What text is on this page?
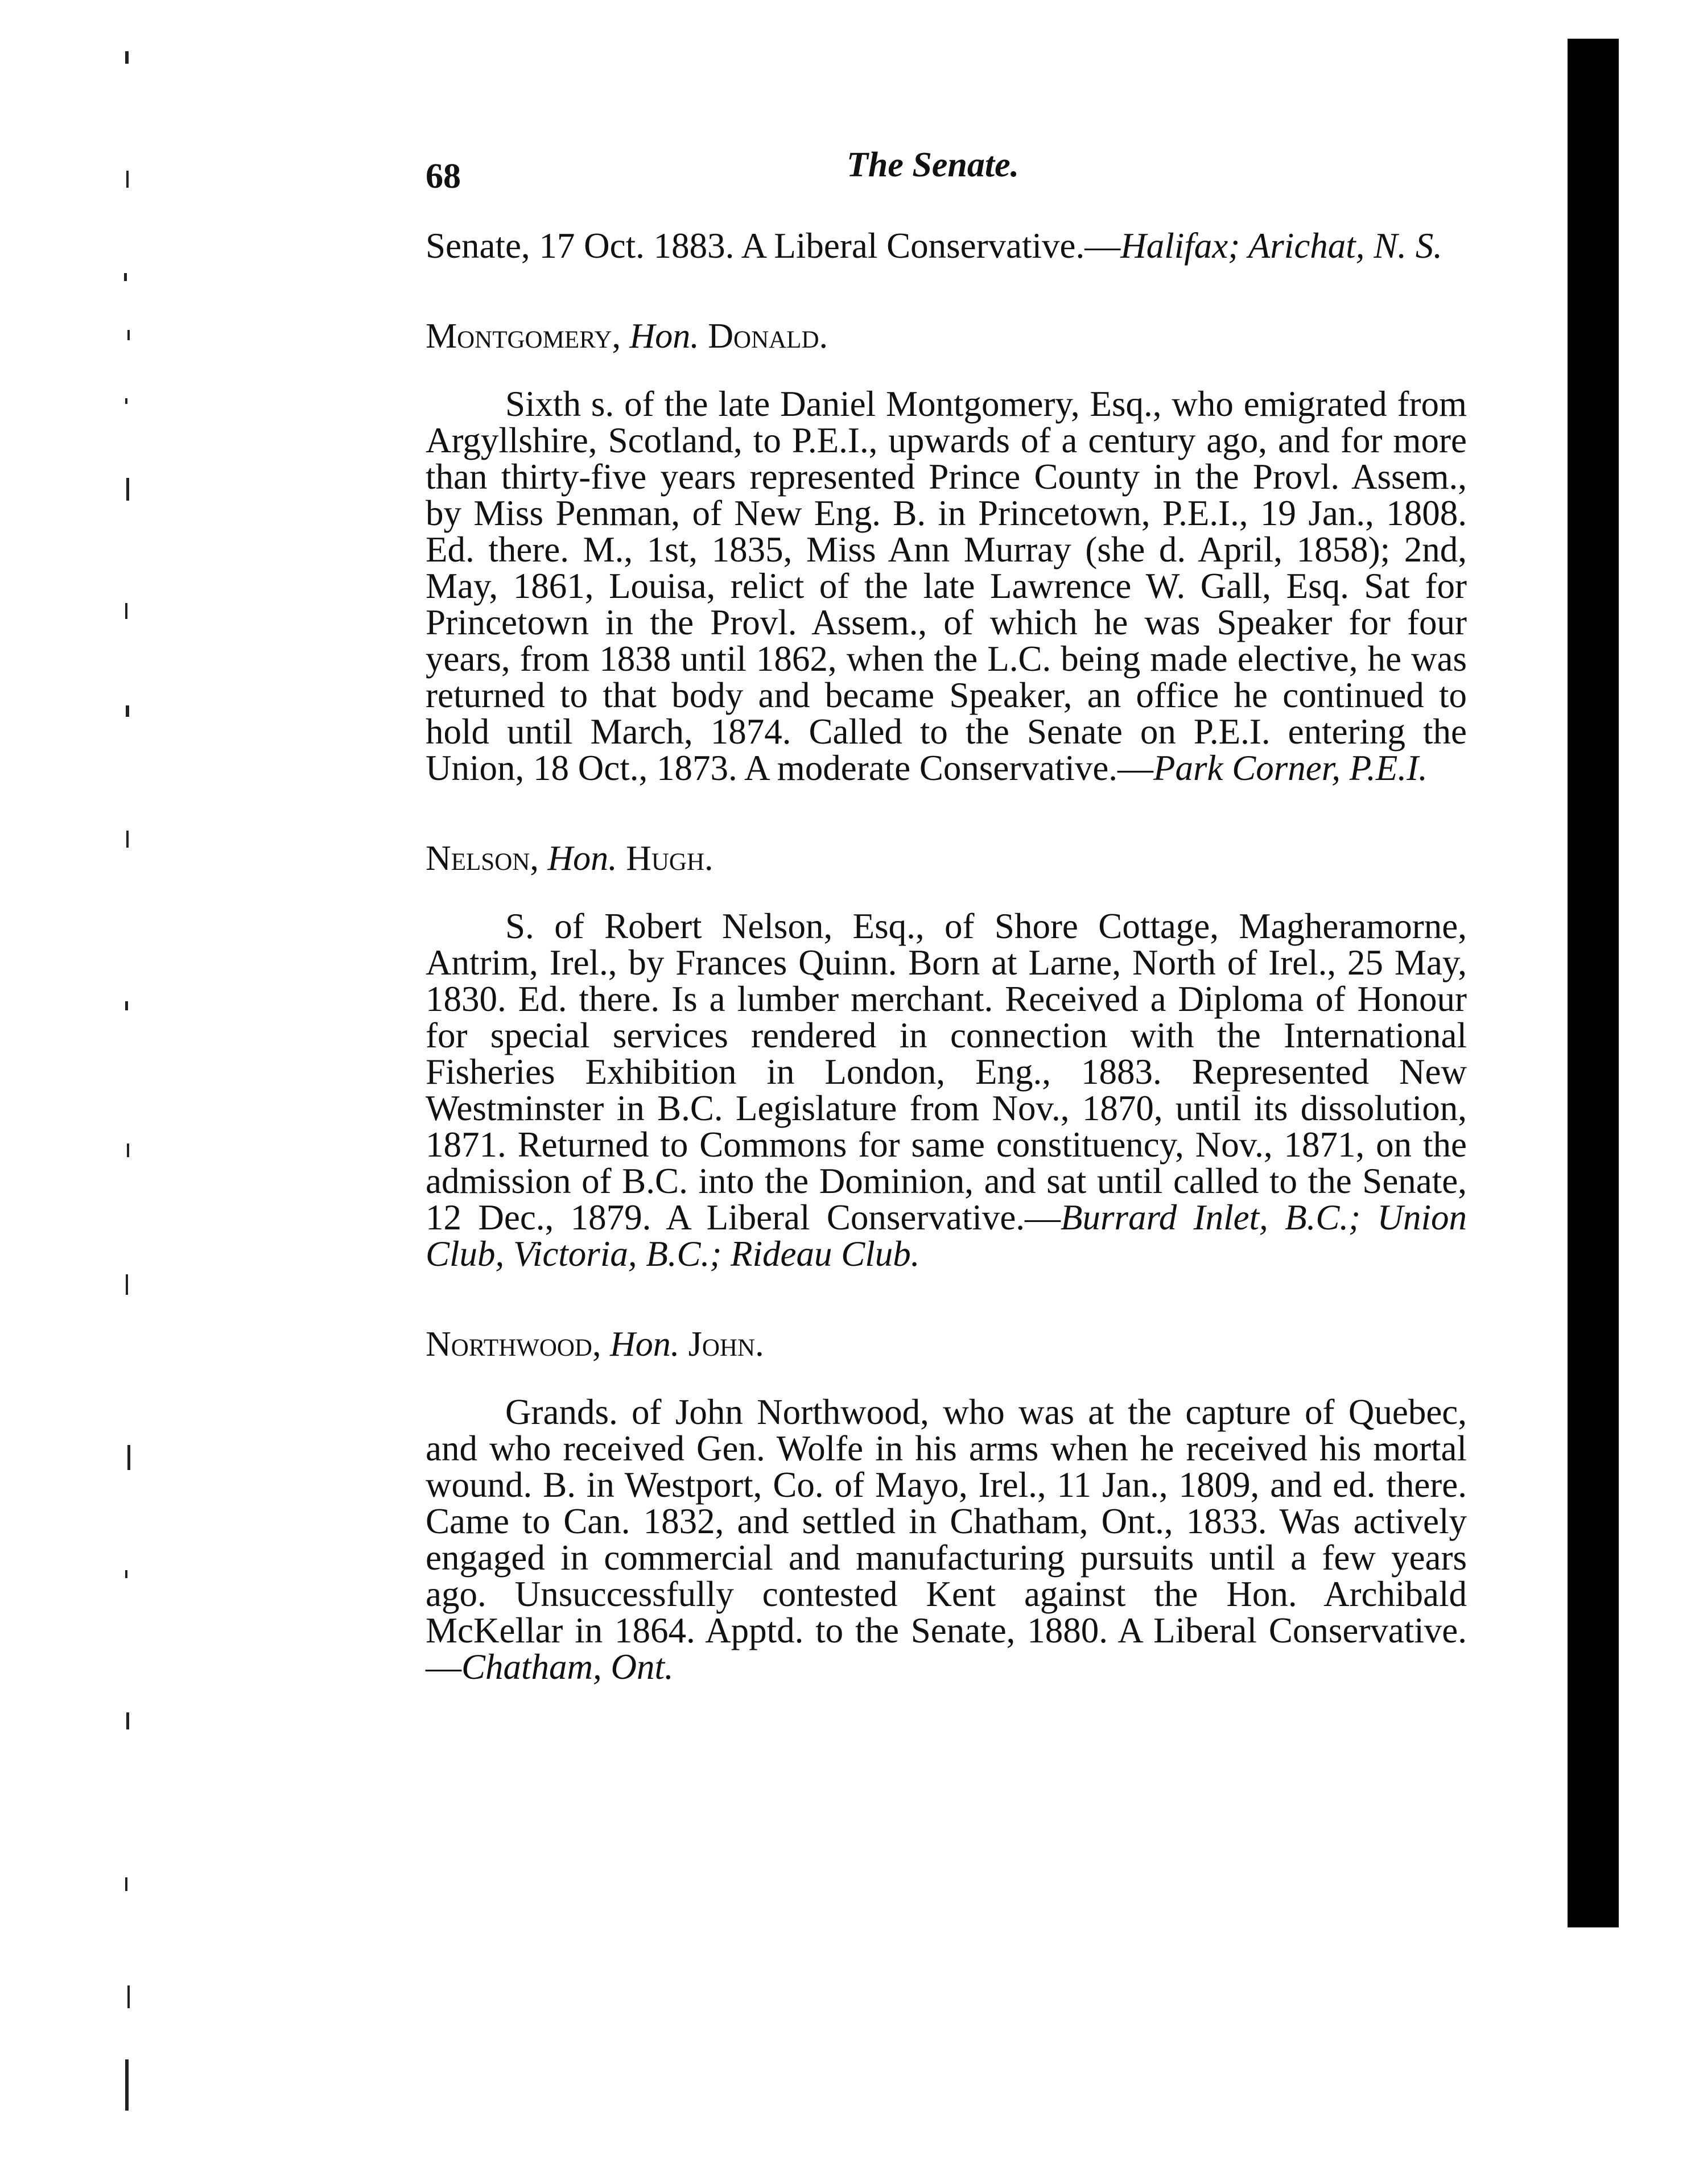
68	The Senate.

Senate, 17 Oct. 1883. A Liberal Conservative.—Halifax; Arichat, N. S.

Montgomery, Hon. Donald.

Sixth s. of the late Daniel Montgomery, Esq., who emigrated from Argyllshire, Scotland, to P.E.I., upwards of a century ago, and for more than thirty-five years represented Prince County in the Provl. Assem., by Miss Penman, of New Eng. B. in Princetown, P.E.I., 19 Jan., 1808. Ed. there. M., 1st, 1835, Miss Ann Murray (she d. April, 1858); 2nd, May, 1861, Louisa, relict of the late Lawrence W. Gall, Esq. Sat for Princetown in the Provl. Assem., of which he was Speaker for four years, from 1838 until 1862, when the L.C. being made elective, he was returned to that body and became Speaker, an office he continued to hold until March, 1874. Called to the Senate on P.E.I. entering the Union, 18 Oct., 1873. A moderate Conservative.—Park Corner, P.E.I.

Nelson, Hon. Hugh.

S. of Robert Nelson, Esq., of Shore Cottage, Magheramorne, Antrim, Irel., by Frances Quinn. Born at Larne, North of Irel., 25 May, 1830. Ed. there. Is a lumber merchant. Received a Diploma of Honour for special services rendered in connection with the International Fisheries Exhibition in London, Eng., 1883. Represented New Westminster in B.C. Legislature from Nov., 1870, until its dissolution, 1871. Returned to Commons for same constituency, Nov., 1871, on the admission of B.C. into the Dominion, and sat until called to the Senate, 12 Dec., 1879. A Liberal Conservative.—Burrard Inlet, B.C.; Union Club, Victoria, B.C.; Rideau Club.

Northwood, Hon. John.

Grands. of John Northwood, who was at the capture of Quebec, and who received Gen. Wolfe in his arms when he received his mortal wound. B. in Westport, Co. of Mayo, Irel., 11 Jan., 1809, and ed. there. Came to Can. 1832, and settled in Chatham, Ont., 1833. Was actively engaged in commercial and manufacturing pursuits until a few years ago. Unsuccessfully contested Kent against the Hon. Archibald McKellar in 1864. Apptd. to the Senate, 1880. A Liberal Conservative.—Chatham, Ont.
